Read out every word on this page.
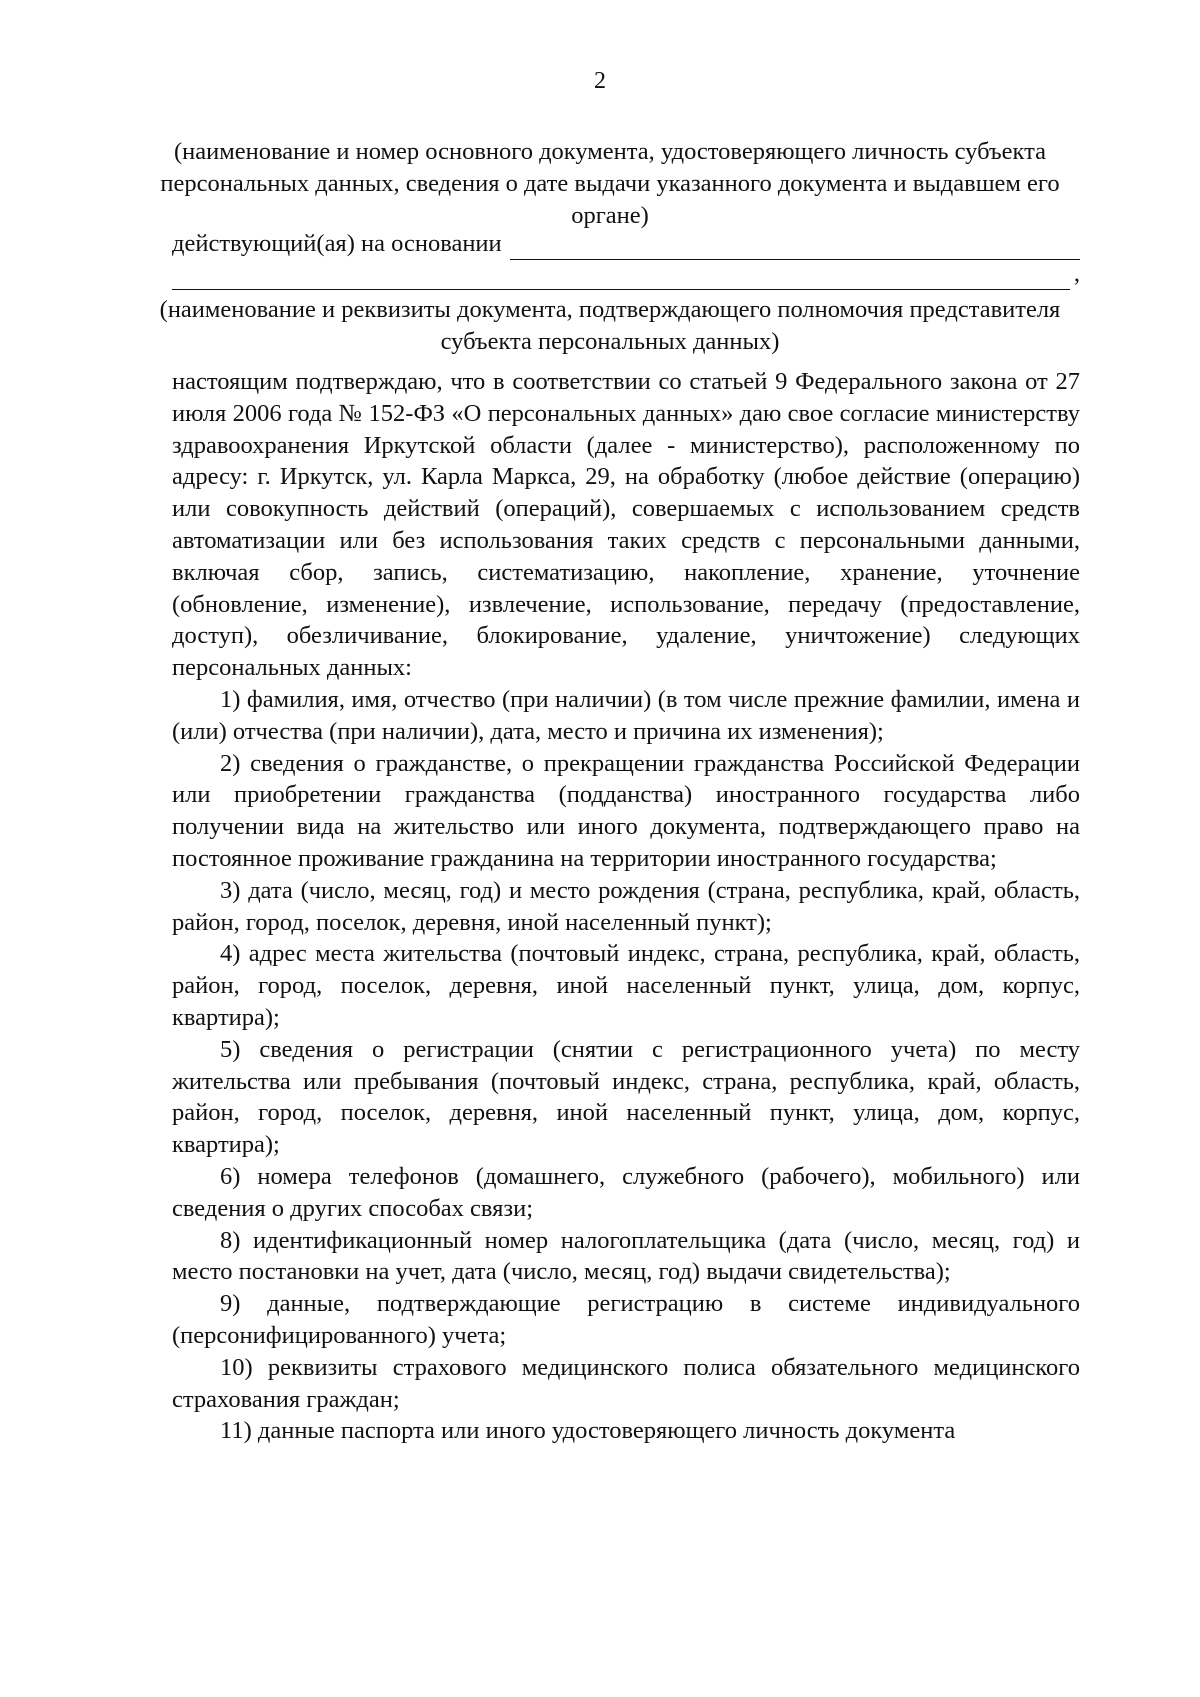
2
(наименование и номер основного документа, удостоверяющего личность субъекта персональных данных, сведения о дате выдачи указанного документа и выдавшем его органе)
действующий(ая) на основании
,
(наименование и реквизиты документа, подтверждающего полномочия представителя субъекта персональных данных)

настоящим подтверждаю, что в соответствии со статьей 9 Федерального закона от 27 июля 2006 года № 152-ФЗ «О персональных данных» даю свое согласие министерству здравоохранения Иркутской области (далее - министерство), расположенному по адресу: г. Иркутск, ул. Карла Маркса, 29, на обработку (любое действие (операцию) или совокупность действий (операций), совершаемых с использованием средств автоматизации или без использования таких средств с персональными данными, включая сбор, запись, систематизацию, накопление, хранение, уточнение (обновление, изменение), извлечение, использование, передачу (предоставление, доступ), обезличивание, блокирование, удаление, уничтожение) следующих персональных данных:

1) фамилия, имя, отчество (при наличии) (в том числе прежние фамилии, имена и (или) отчества (при наличии), дата, место и причина их изменения);

2) сведения о гражданстве, о прекращении гражданства Российской Федерации или приобретении гражданства (подданства) иностранного государства либо получении вида на жительство или иного документа, подтверждающего право на постоянное проживание гражданина на территории иностранного государства;

3) дата (число, месяц, год) и место рождения (страна, республика, край, область, район, город, поселок, деревня, иной населенный пункт);

4) адрес места жительства (почтовый индекс, страна, республика, край, область, район, город, поселок, деревня, иной населенный пункт, улица, дом, корпус, квартира);

5) сведения о регистрации (снятии с регистрационного учета) по месту жительства или пребывания (почтовый индекс, страна, республика, край, область, район, город, поселок, деревня, иной населенный пункт, улица, дом, корпус, квартира);

6) номера телефонов (домашнего, служебного (рабочего), мобильного) или сведения о других способах связи;

8) идентификационный номер налогоплательщика (дата (число, месяц, год) и место постановки на учет, дата (число, месяц, год) выдачи свидетельства);

9) данные, подтверждающие регистрацию в системе индивидуального (персонифицированного) учета;

10) реквизиты страхового медицинского полиса обязательного медицинского страхования граждан;

11) данные паспорта или иного удостоверяющего личность документа
